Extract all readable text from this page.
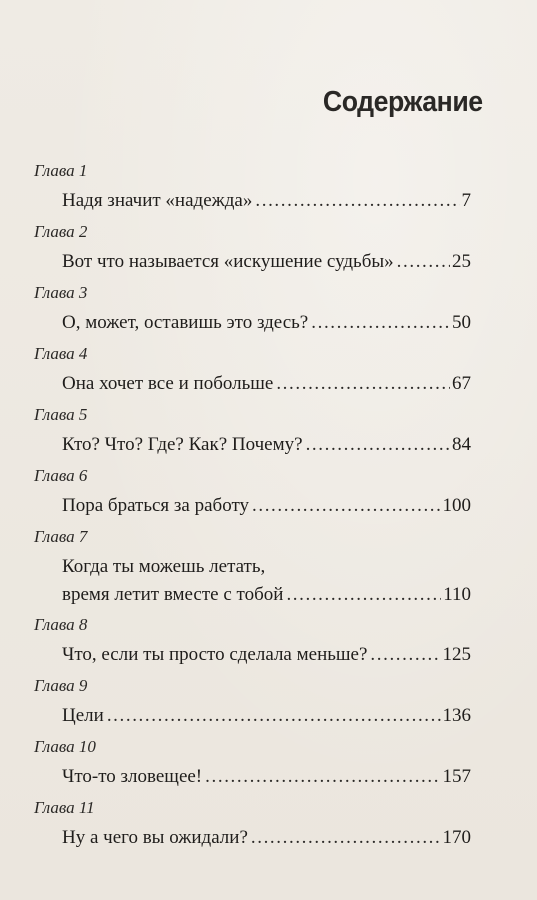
Содержание
Глава 1
Надя значит «надежда» .....	7
Глава 2
Вот что называется «искушение судьбы» .....	25
Глава 3
О, может, оставишь это здесь? .....	50
Глава 4
Она хочет все и побольше .....	67
Глава 5
Кто? Что? Где? Как? Почему? .....	84
Глава 6
Пора браться за работу .....	100
Глава 7
Когда ты можешь летать,
время летит вместе с тобой .....	110
Глава 8
Что, если ты просто сделала меньше? .....	125
Глава 9
Цели .....	136
Глава 10
Что-то зловещее! .....	157
Глава 11
Ну а чего вы ожидали? .....	170
